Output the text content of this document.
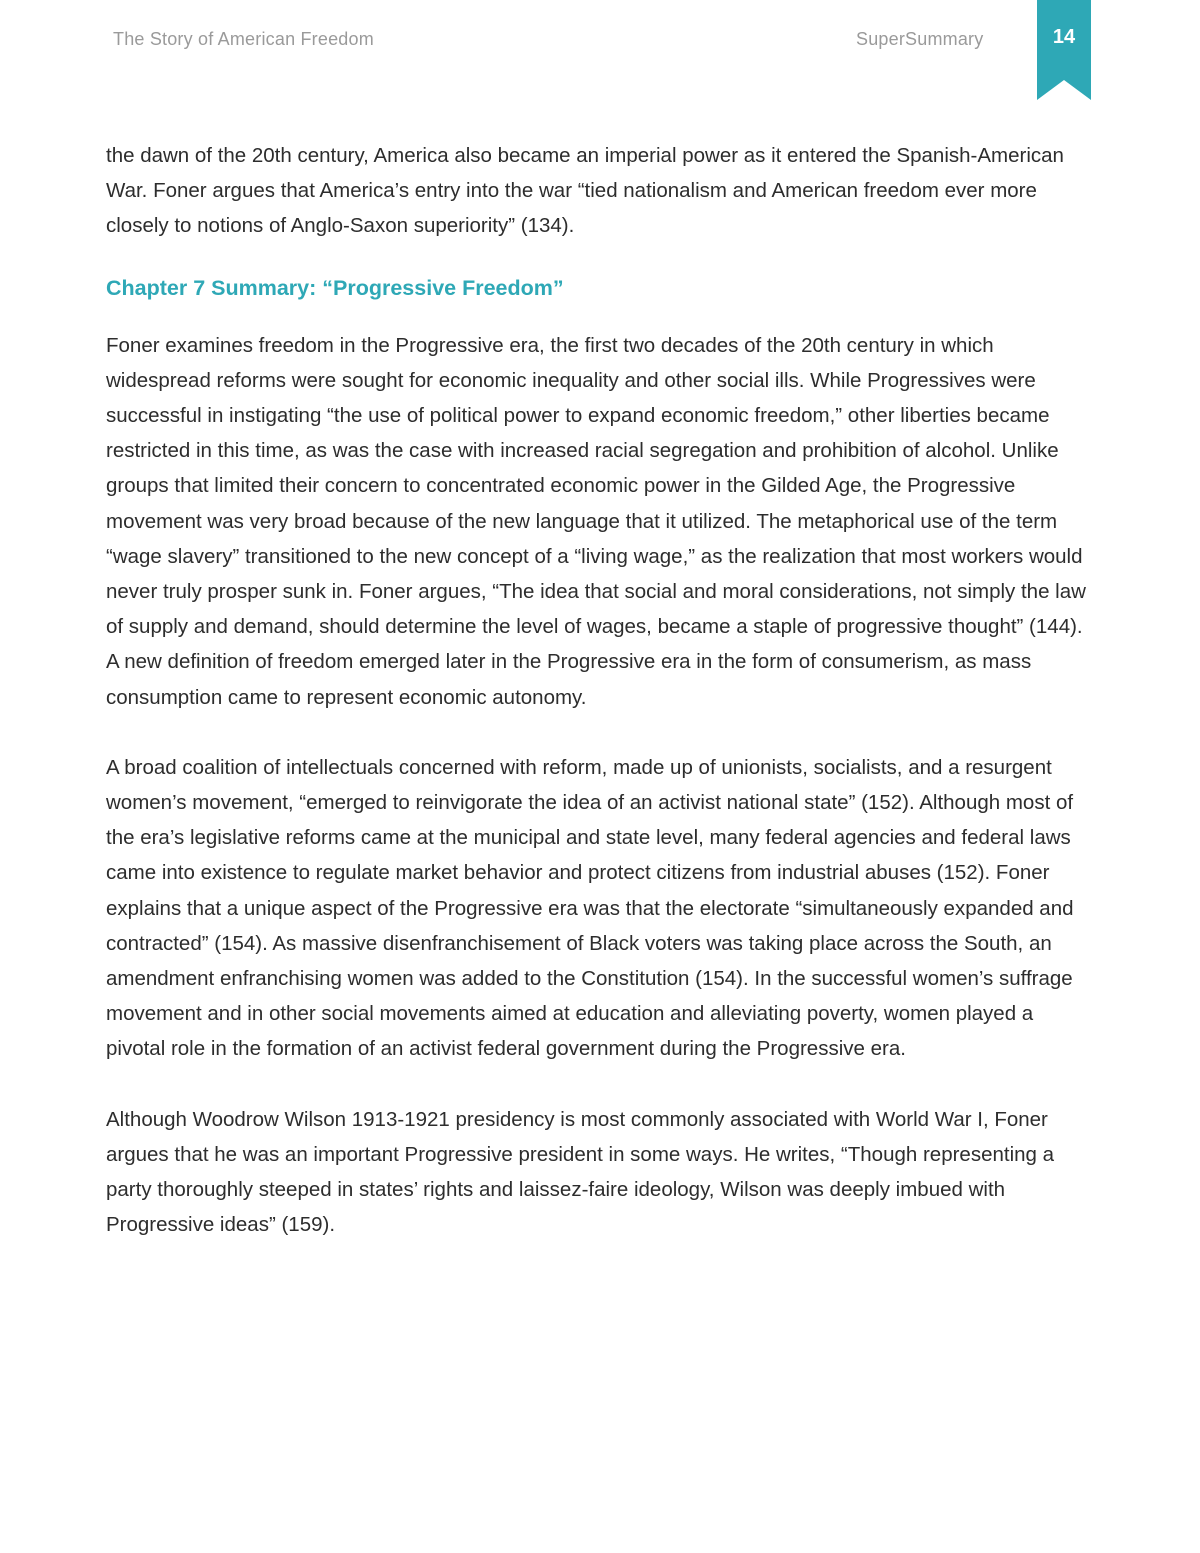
The Story of American Freedom	SuperSummary	14

the dawn of the 20th century, America also became an imperial power as it entered the Spanish-American War. Foner argues that America’s entry into the war “tied nationalism and American freedom ever more closely to notions of Anglo-Saxon superiority” (134).

Chapter 7 Summary: “Progressive Freedom”

Foner examines freedom in the Progressive era, the first two decades of the 20th century in which widespread reforms were sought for economic inequality and other social ills. While Progressives were successful in instigating “the use of political power to expand economic freedom,” other liberties became restricted in this time, as was the case with increased racial segregation and prohibition of alcohol. Unlike groups that limited their concern to concentrated economic power in the Gilded Age, the Progressive movement was very broad because of the new language that it utilized. The metaphorical use of the term “wage slavery” transitioned to the new concept of a “living wage,” as the realization that most workers would never truly prosper sunk in. Foner argues, “The idea that social and moral considerations, not simply the law of supply and demand, should determine the level of wages, became a staple of progressive thought” (144). A new definition of freedom emerged later in the Progressive era in the form of consumerism, as mass consumption came to represent economic autonomy.

A broad coalition of intellectuals concerned with reform, made up of unionists, socialists, and a resurgent women’s movement, “emerged to reinvigorate the idea of an activist national state” (152). Although most of the era’s legislative reforms came at the municipal and state level, many federal agencies and federal laws came into existence to regulate market behavior and protect citizens from industrial abuses (152). Foner explains that a unique aspect of the Progressive era was that the electorate “simultaneously expanded and contracted” (154). As massive disenfranchisement of Black voters was taking place across the South, an amendment enfranchising women was added to the Constitution (154). In the successful women’s suffrage movement and in other social movements aimed at education and alleviating poverty, women played a pivotal role in the formation of an activist federal government during the Progressive era.

Although Woodrow Wilson 1913-1921 presidency is most commonly associated with World War I, Foner argues that he was an important Progressive president in some ways. He writes, “Though representing a party thoroughly steeped in states’ rights and laissez-faire ideology, Wilson was deeply imbued with Progressive ideas” (159).
